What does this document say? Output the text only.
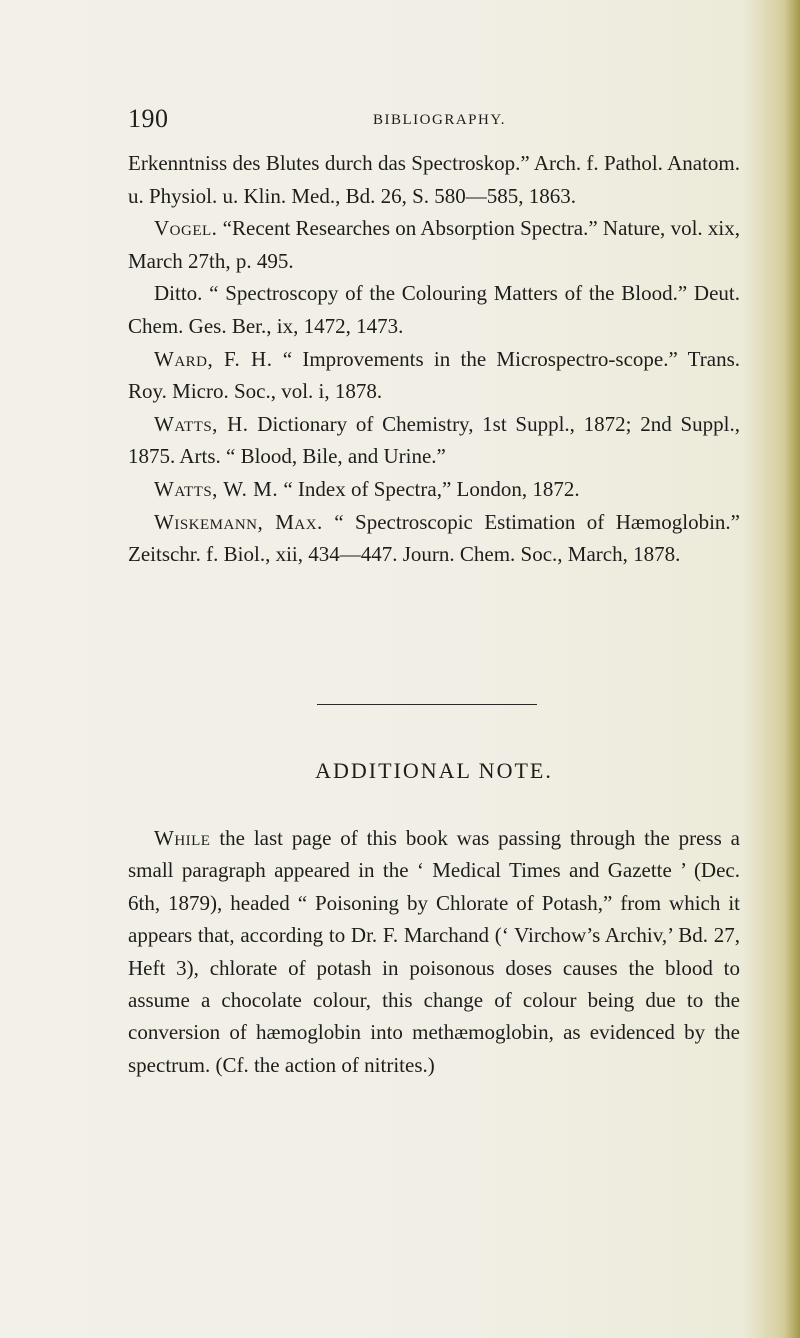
190	BIBLIOGRAPHY.

Erkenntniss des Blutes durch das Spectroskop.” Arch. f. Pathol. Anatom. u. Physiol. u. Klin. Med., Bd. 26, S. 580—585, 1863.

Vogel. “Recent Researches on Absorption Spectra.” Nature, vol. xix, March 27th, p. 495.

Ditto. “ Spectroscopy of the Colouring Matters of the Blood.” Deut. Chem. Ges. Ber., ix, 1472, 1473.

Ward, F. H. “ Improvements in the Microspectro-scope.” Trans. Roy. Micro. Soc., vol. i, 1878.

Watts, H. Dictionary of Chemistry, 1st Suppl., 1872; 2nd Suppl., 1875. Arts. “ Blood, Bile, and Urine.”

Watts, W. M. “ Index of Spectra,” London, 1872.

Wiskemann, Max. “ Spectroscopic Estimation of Hæmoglobin.” Zeitschr. f. Biol., xii, 434—447. Journ. Chem. Soc., March, 1878.

ADDITIONAL NOTE.

While the last page of this book was passing through the press a small paragraph appeared in the ‘ Medical Times and Gazette ’ (Dec. 6th, 1879), headed “ Poisoning by Chlorate of Potash,” from which it appears that, according to Dr. F. Marchand (‘ Virchow’s Archiv,’ Bd. 27, Heft 3), chlorate of potash in poisonous doses causes the blood to assume a chocolate colour, this change of colour being due to the conversion of hæmoglobin into methæmoglobin, as evidenced by the spectrum. (Cf. the action of nitrites.)
